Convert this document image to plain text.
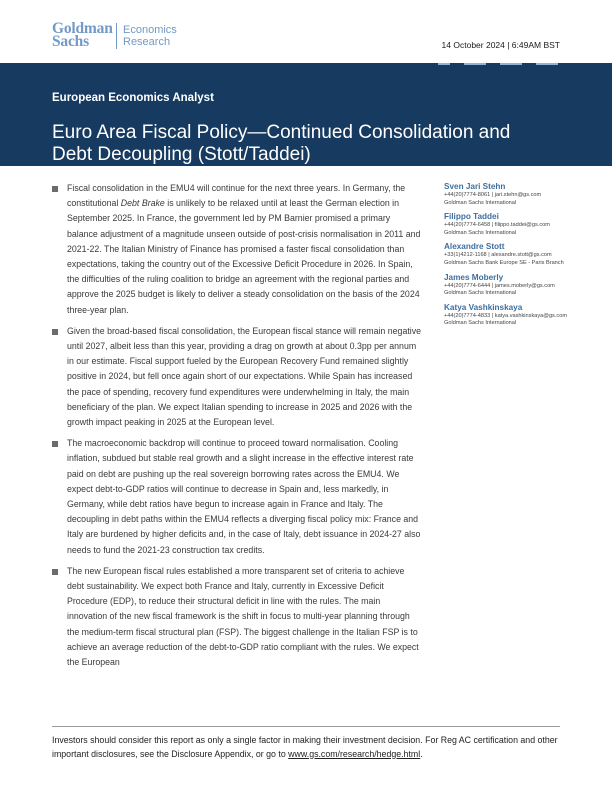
Goldman
Sachs
Economics
Research	14 October 2024 | 6:49AM BST
European Economics Analyst
Euro Area Fiscal Policy—Continued Consolidation and Debt Decoupling (Stott/Taddei)
Fiscal consolidation in the EMU4 will continue for the next three years. In Germany, the constitutional Debt Brake is unlikely to be relaxed until at least the German election in September 2025. In France, the government led by PM Barnier promised a primary balance adjustment of a magnitude unseen outside of post-crisis normalisation in 2011 and 2021-22. The Italian Ministry of Finance has promised a faster fiscal consolidation than expectations, taking the country out of the Excessive Deficit Procedure in 2026. In Spain, the difficulties of the ruling coalition to bridge an agreement with the regional parties and approve the 2025 budget is likely to deliver a steady consolidation on the basis of the 2024 three-year plan.
Given the broad-based fiscal consolidation, the European fiscal stance will remain negative until 2027, albeit less than this year, providing a drag on growth at about 0.3pp per annum in our estimate. Fiscal support fueled by the European Recovery Fund remained slightly positive in 2024, but fell once again short of our expectations. While Spain has increased the pace of spending, recovery fund expenditures were underwhelming in Italy, the main beneficiary of the plan. We expect Italian spending to increase in 2025 and 2026 with the growth impact peaking in 2025 at the European level.
The macroeconomic backdrop will continue to proceed toward normalisation. Cooling inflation, subdued but stable real growth and a slight increase in the effective interest rate paid on debt are pushing up the real sovereign borrowing rates across the EMU4. We expect debt-to-GDP ratios will continue to decrease in Spain and, less markedly, in Germany, while debt ratios have begun to increase again in France and Italy. The decoupling in debt paths within the EMU4 reflects a diverging fiscal policy mix: France and Italy are burdened by higher deficits and, in the case of Italy, debt issuance in 2024-27 also needs to fund the 2021-23 construction tax credits.
The new European fiscal rules established a more transparent set of criteria to achieve debt sustainability. We expect both France and Italy, currently in Excessive Deficit Procedure (EDP), to reduce their structural deficit in line with the rules. The main innovation of the new fiscal framework is the shift in focus to multi-year planning through the medium-term fiscal structural plan (FSP). The biggest challenge in the Italian FSP is to achieve an average reduction of the debt-to-GDP ratio compliant with the rules. We expect the European
Sven Jari Stehn
+44(20)7774-8061 | jari.stehn@gs.com
Goldman Sachs International
Filippo Taddei
+44(20)7774-6458 | filippo.taddei@gs.com
Goldman Sachs International
Alexandre Stott
+33(1)4212-1168 | alexandre.stott@gs.com
Goldman Sachs Bank Europe SE - Paris Branch
James Moberly
+44(20)7774-6444 | james.moberly@gs.com
Goldman Sachs International
Katya Vashkinskaya
+44(20)7774-4833 | katya.vashkinskaya@gs.com
Goldman Sachs International
Investors should consider this report as only a single factor in making their investment decision. For Reg AC certification and other important disclosures, see the Disclosure Appendix, or go to www.gs.com/research/hedge.html.
